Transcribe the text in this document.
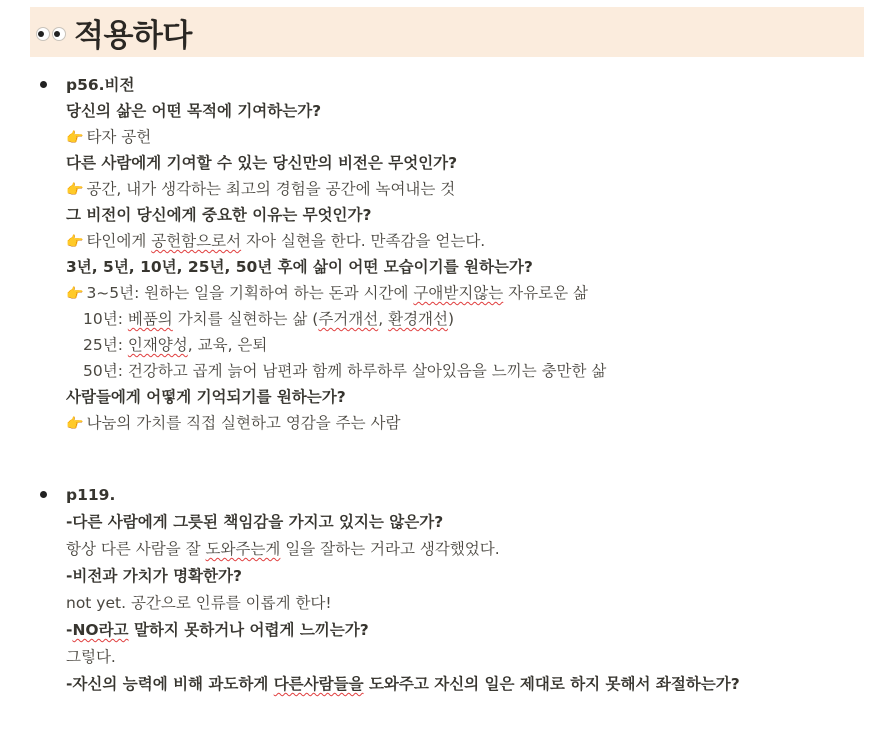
적용하다
p56.비전
당신의 삶은 어떤 목적에 기여하는가?
👉 타자 공헌
다른 사람에게 기여할 수 있는 당신만의 비전은 무엇인가?
👉 공간, 내가 생각하는 최고의 경험을 공간에 녹여내는 것
그 비전이 당신에게 중요한 이유는 무엇인가?
👉 타인에게 공헌함으로서 자아 실현을 한다. 만족감을 얻는다.
3년, 5년, 10년, 25년, 50년 후에 삶이 어떤 모습이기를 원하는가?
👉 3~5년: 원하는 일을 기획하여 하는 돈과 시간에 구애받지않는 자유로운 삶
10년: 베품의 가치를 실현하는 삶 (주거개선, 환경개선)
25년: 인재양성, 교육, 은퇴
50년: 건강하고 곱게 늙어 남편과 함께 하루하루 살아있음을 느끼는 충만한 삶
사람들에게 어떻게 기억되기를 원하는가?
👉 나눔의 가치를 직접 실현하고 영감을 주는 사람
p119.
-다른 사람에게 그릇된 책임감을 가지고 있지는 않은가?
항상 다른 사람을 잘 도와주는게 일을 잘하는 거라고 생각했었다.
-비전과 가치가 명확한가?
not yet. 공간으로 인류를 이롭게 한다!
-NO라고 말하지 못하거나 어렵게 느끼는가?
그렇다.
-자신의 능력에 비해 과도하게 다른사람들을 도와주고 자신의 일은 제대로 하지 못해서 좌절하는가?
